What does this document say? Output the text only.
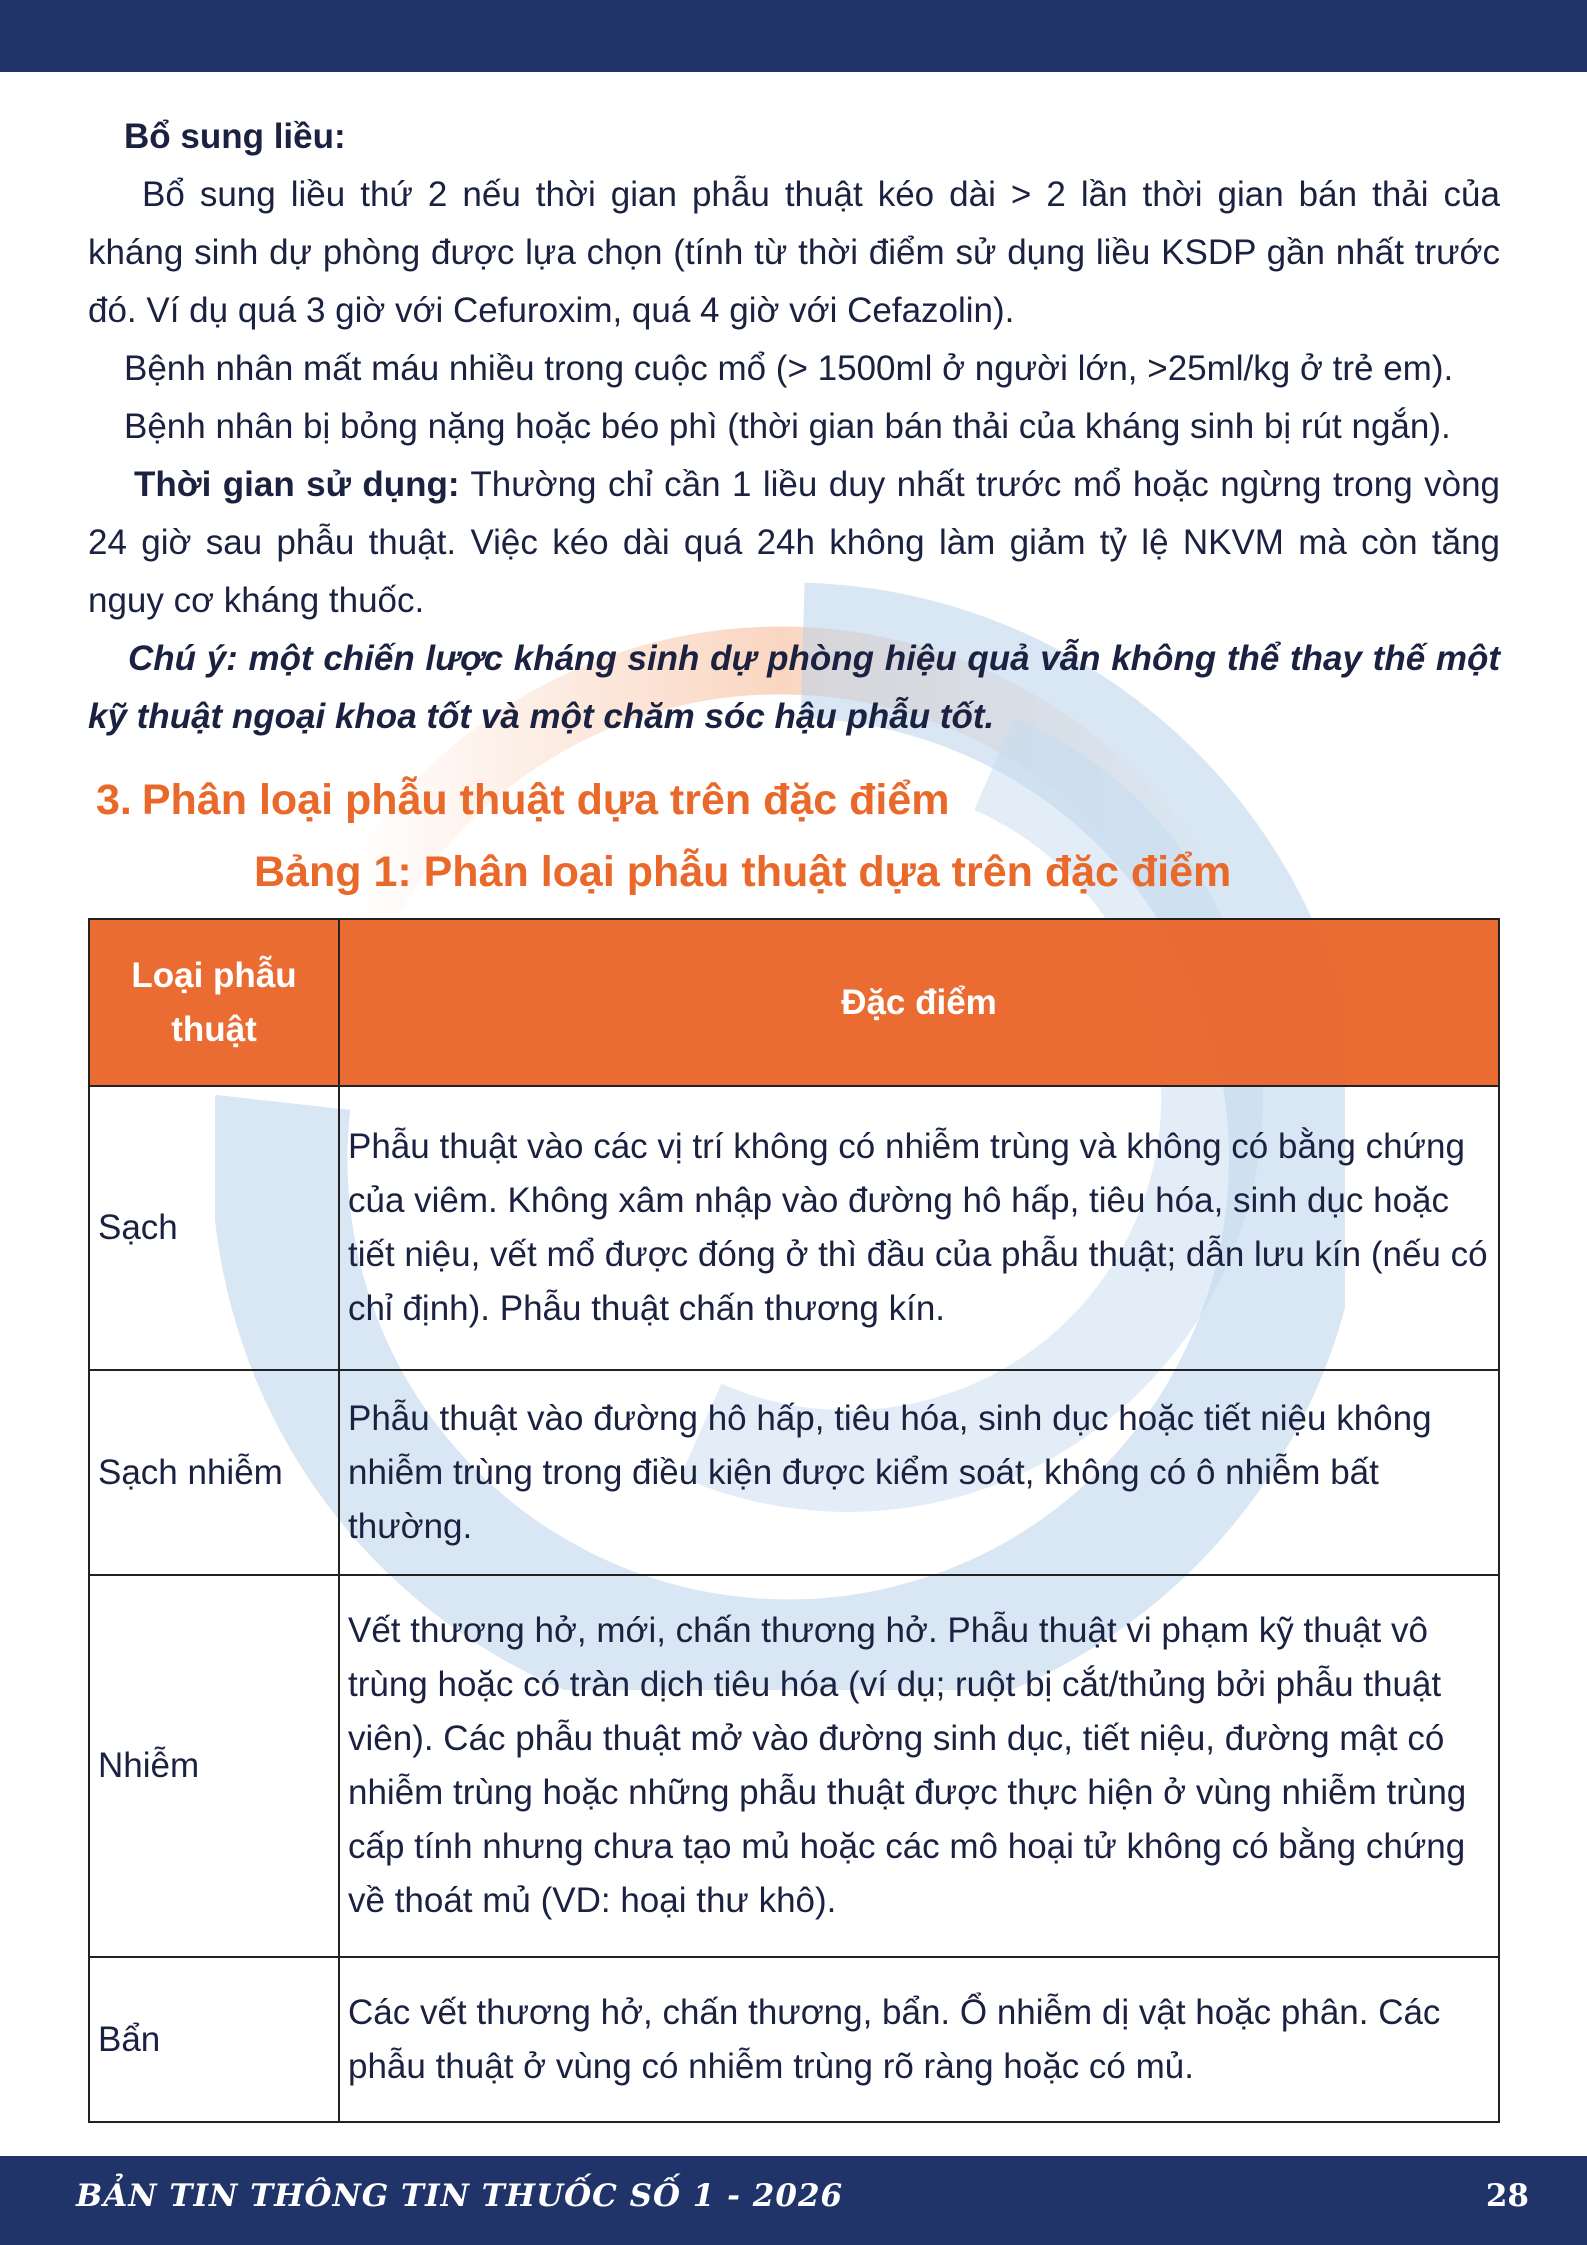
Bổ sung liều:

Bổ sung liều thứ 2 nếu thời gian phẫu thuật kéo dài > 2 lần thời gian bán thải của kháng sinh dự phòng được lựa chọn (tính từ thời điểm sử dụng liều KSDP gần nhất trước đó. Ví dụ quá 3 giờ với Cefuroxim, quá 4 giờ với Cefazolin).

Bệnh nhân mất máu nhiều trong cuộc mổ (> 1500ml ở người lớn, >25ml/kg ở trẻ em).

Bệnh nhân bị bỏng nặng hoặc béo phì (thời gian bán thải của kháng sinh bị rút ngắn).

Thời gian sử dụng: Thường chỉ cần 1 liều duy nhất trước mổ hoặc ngừng trong vòng 24 giờ sau phẫu thuật. Việc kéo dài quá 24h không làm giảm tỷ lệ NKVM mà còn tăng nguy cơ kháng thuốc.

Chú ý: một chiến lược kháng sinh dự phòng hiệu quả vẫn không thể thay thế một kỹ thuật ngoại khoa tốt và một chăm sóc hậu phẫu tốt.

3. Phân loại phẫu thuật dựa trên đặc điểm
Bảng 1: Phân loại phẫu thuật dựa trên đặc điểm
Loại phẫu thuật	Đặc điểm
Sạch	Phẫu thuật vào các vị trí không có nhiễm trùng và không có bằng chứng của viêm. Không xâm nhập vào đường hô hấp, tiêu hóa, sinh dục hoặc tiết niệu, vết mổ được đóng ở thì đầu của phẫu thuật; dẫn lưu kín (nếu có chỉ định). Phẫu thuật chấn thương kín.
Sạch nhiễm	Phẫu thuật vào đường hô hấp, tiêu hóa, sinh dục hoặc tiết niệu không nhiễm trùng trong điều kiện được kiểm soát, không có ô nhiễm bất thường.
Nhiễm	Vết thương hở, mới, chấn thương hở. Phẫu thuật vi phạm kỹ thuật vô trùng hoặc có tràn dịch tiêu hóa (ví dụ; ruột bị cắt/thủng bởi phẫu thuật viên). Các phẫu thuật mở vào đường sinh dục, tiết niệu, đường mật có nhiễm trùng hoặc những phẫu thuật được thực hiện ở vùng nhiễm trùng cấp tính nhưng chưa tạo mủ hoặc các mô hoại tử không có bằng chứng về thoát mủ (VD: hoại thư khô).
Bẩn	Các vết thương hở, chấn thương, bẩn. Ổ nhiễm dị vật hoặc phân. Các phẫu thuật ở vùng có nhiễm trùng rõ ràng hoặc có mủ.
BẢN TIN THÔNG TIN THUỐC SỐ 1 - 2026	28
